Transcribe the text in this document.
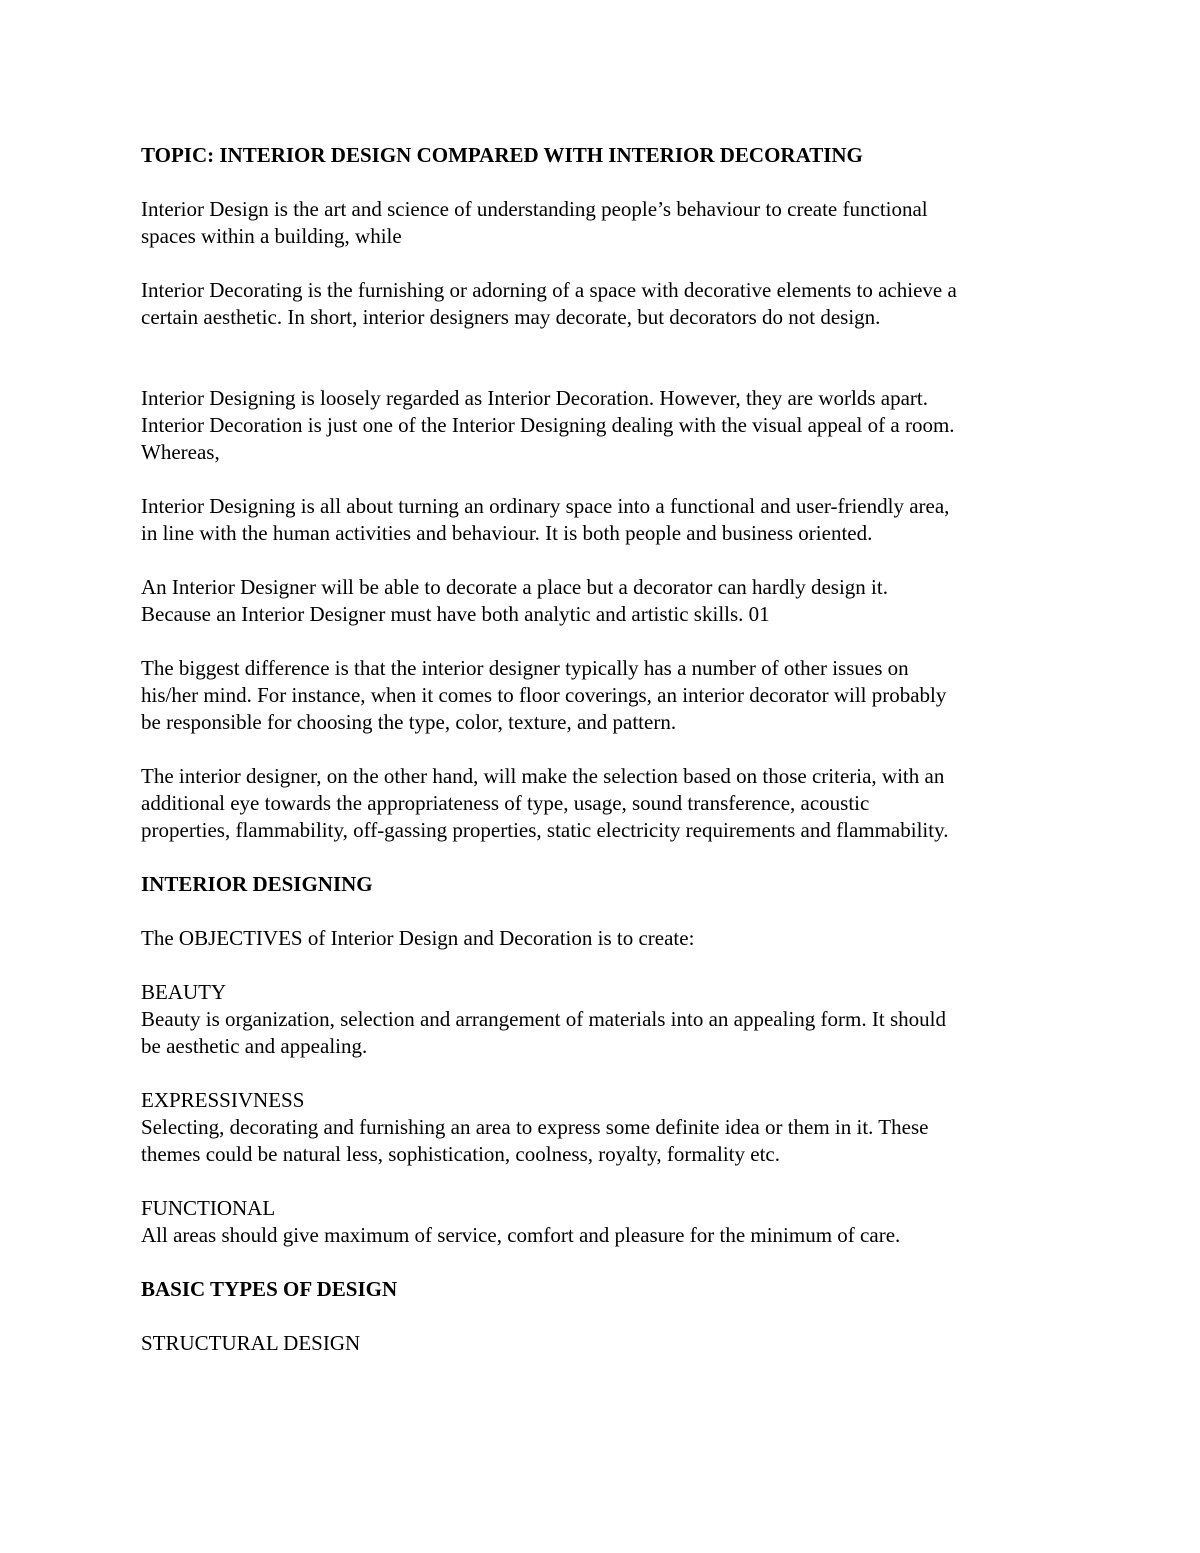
TOPIC: INTERIOR DESIGN COMPARED WITH INTERIOR DECORATING

Interior Design is the art and science of understanding people’s behaviour to create functional
spaces within a building, while

Interior Decorating is the furnishing or adorning of a space with decorative elements to achieve a
certain aesthetic. In short, interior designers may decorate, but decorators do not design.

Interior Designing is loosely regarded as Interior Decoration. However, they are worlds apart.
Interior Decoration is just one of the Interior Designing dealing with the visual appeal of a room.
Whereas,

Interior Designing is all about turning an ordinary space into a functional and user-friendly area,
in line with the human activities and behaviour. It is both people and business oriented.

An Interior Designer will be able to decorate a place but a decorator can hardly design it.
Because an Interior Designer must have both analytic and artistic skills. 01

The biggest difference is that the interior designer typically has a number of other issues on
his/her mind. For instance, when it comes to floor coverings, an interior decorator will probably
be responsible for choosing the type, color, texture, and pattern.

The interior designer, on the other hand, will make the selection based on those criteria, with an
additional eye towards the appropriateness of type, usage, sound transference, acoustic
properties, flammability, off-gassing properties, static electricity requirements and flammability.

INTERIOR DESIGNING

The OBJECTIVES of Interior Design and Decoration is to create:

BEAUTY
Beauty is organization, selection and arrangement of materials into an appealing form. It should
be aesthetic and appealing.

EXPRESSIVNESS
Selecting, decorating and furnishing an area to express some definite idea or them in it. These
themes could be natural less, sophistication, coolness, royalty, formality etc.

FUNCTIONAL
All areas should give maximum of service, comfort and pleasure for the minimum of care.

BASIC TYPES OF DESIGN

STRUCTURAL DESIGN
